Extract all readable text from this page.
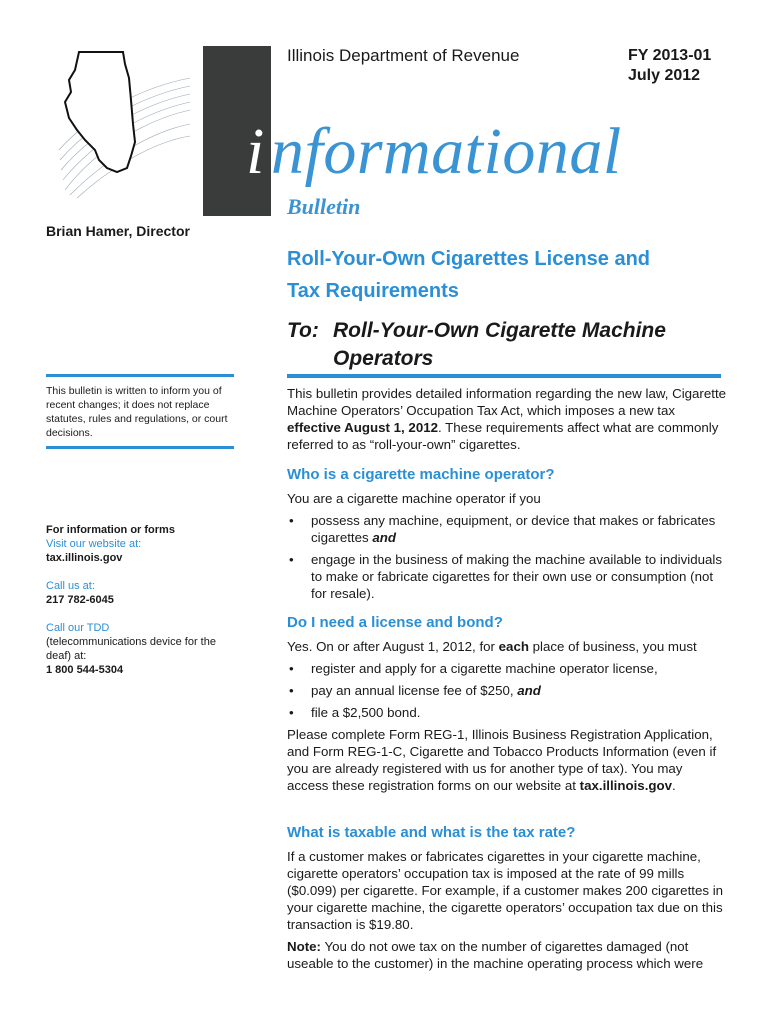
Illinois Department of Revenue	FY 2013-01
July 2012
i nformational
Bulletin
Brian Hamer, Director
Roll-Your-Own Cigarettes License and
Tax Requirements
To: Roll-Your-Own Cigarette Machine
Operators
This bulletin is written to inform you of recent changes; it does not replace statutes, rules and regulations, or court decisions.
For information or forms
Visit our website at:
tax.illinois.gov
Call us at:
217 782-6045
Call our TDD
(telecommunications device for the deaf) at:
1 800 544-5304
This bulletin provides detailed information regarding the new law, Cigarette Machine Operators’ Occupation Tax Act, which imposes a new tax effective August 1, 2012. These requirements affect what are commonly referred to as “roll-your-own” cigarettes.
Who is a cigarette machine operator?
You are a cigarette machine operator if you
• possess any machine, equipment, or device that makes or fabricates cigarettes and
• engage in the business of making the machine available to individuals to make or fabricate cigarettes for their own use or consumption (not for resale).
Do I need a license and bond?
Yes. On or after August 1, 2012, for each place of business, you must
• register and apply for a cigarette machine operator license,
• pay an annual license fee of $250, and
• file a $2,500 bond.
Please complete Form REG-1, Illinois Business Registration Application, and Form REG-1-C, Cigarette and Tobacco Products Information (even if you are already registered with us for another type of tax). You may access these registration forms on our website at tax.illinois.gov.
What is taxable and what is the tax rate?
If a customer makes or fabricates cigarettes in your cigarette machine, cigarette operators’ occupation tax is imposed at the rate of 99 mills ($0.099) per cigarette. For example, if a customer makes 200 cigarettes in your cigarette machine, the cigarette operators’ occupation tax due on this transaction is $19.80.
Note: You do not owe tax on the number of cigarettes damaged (not useable to the customer) in the machine operating process which were
